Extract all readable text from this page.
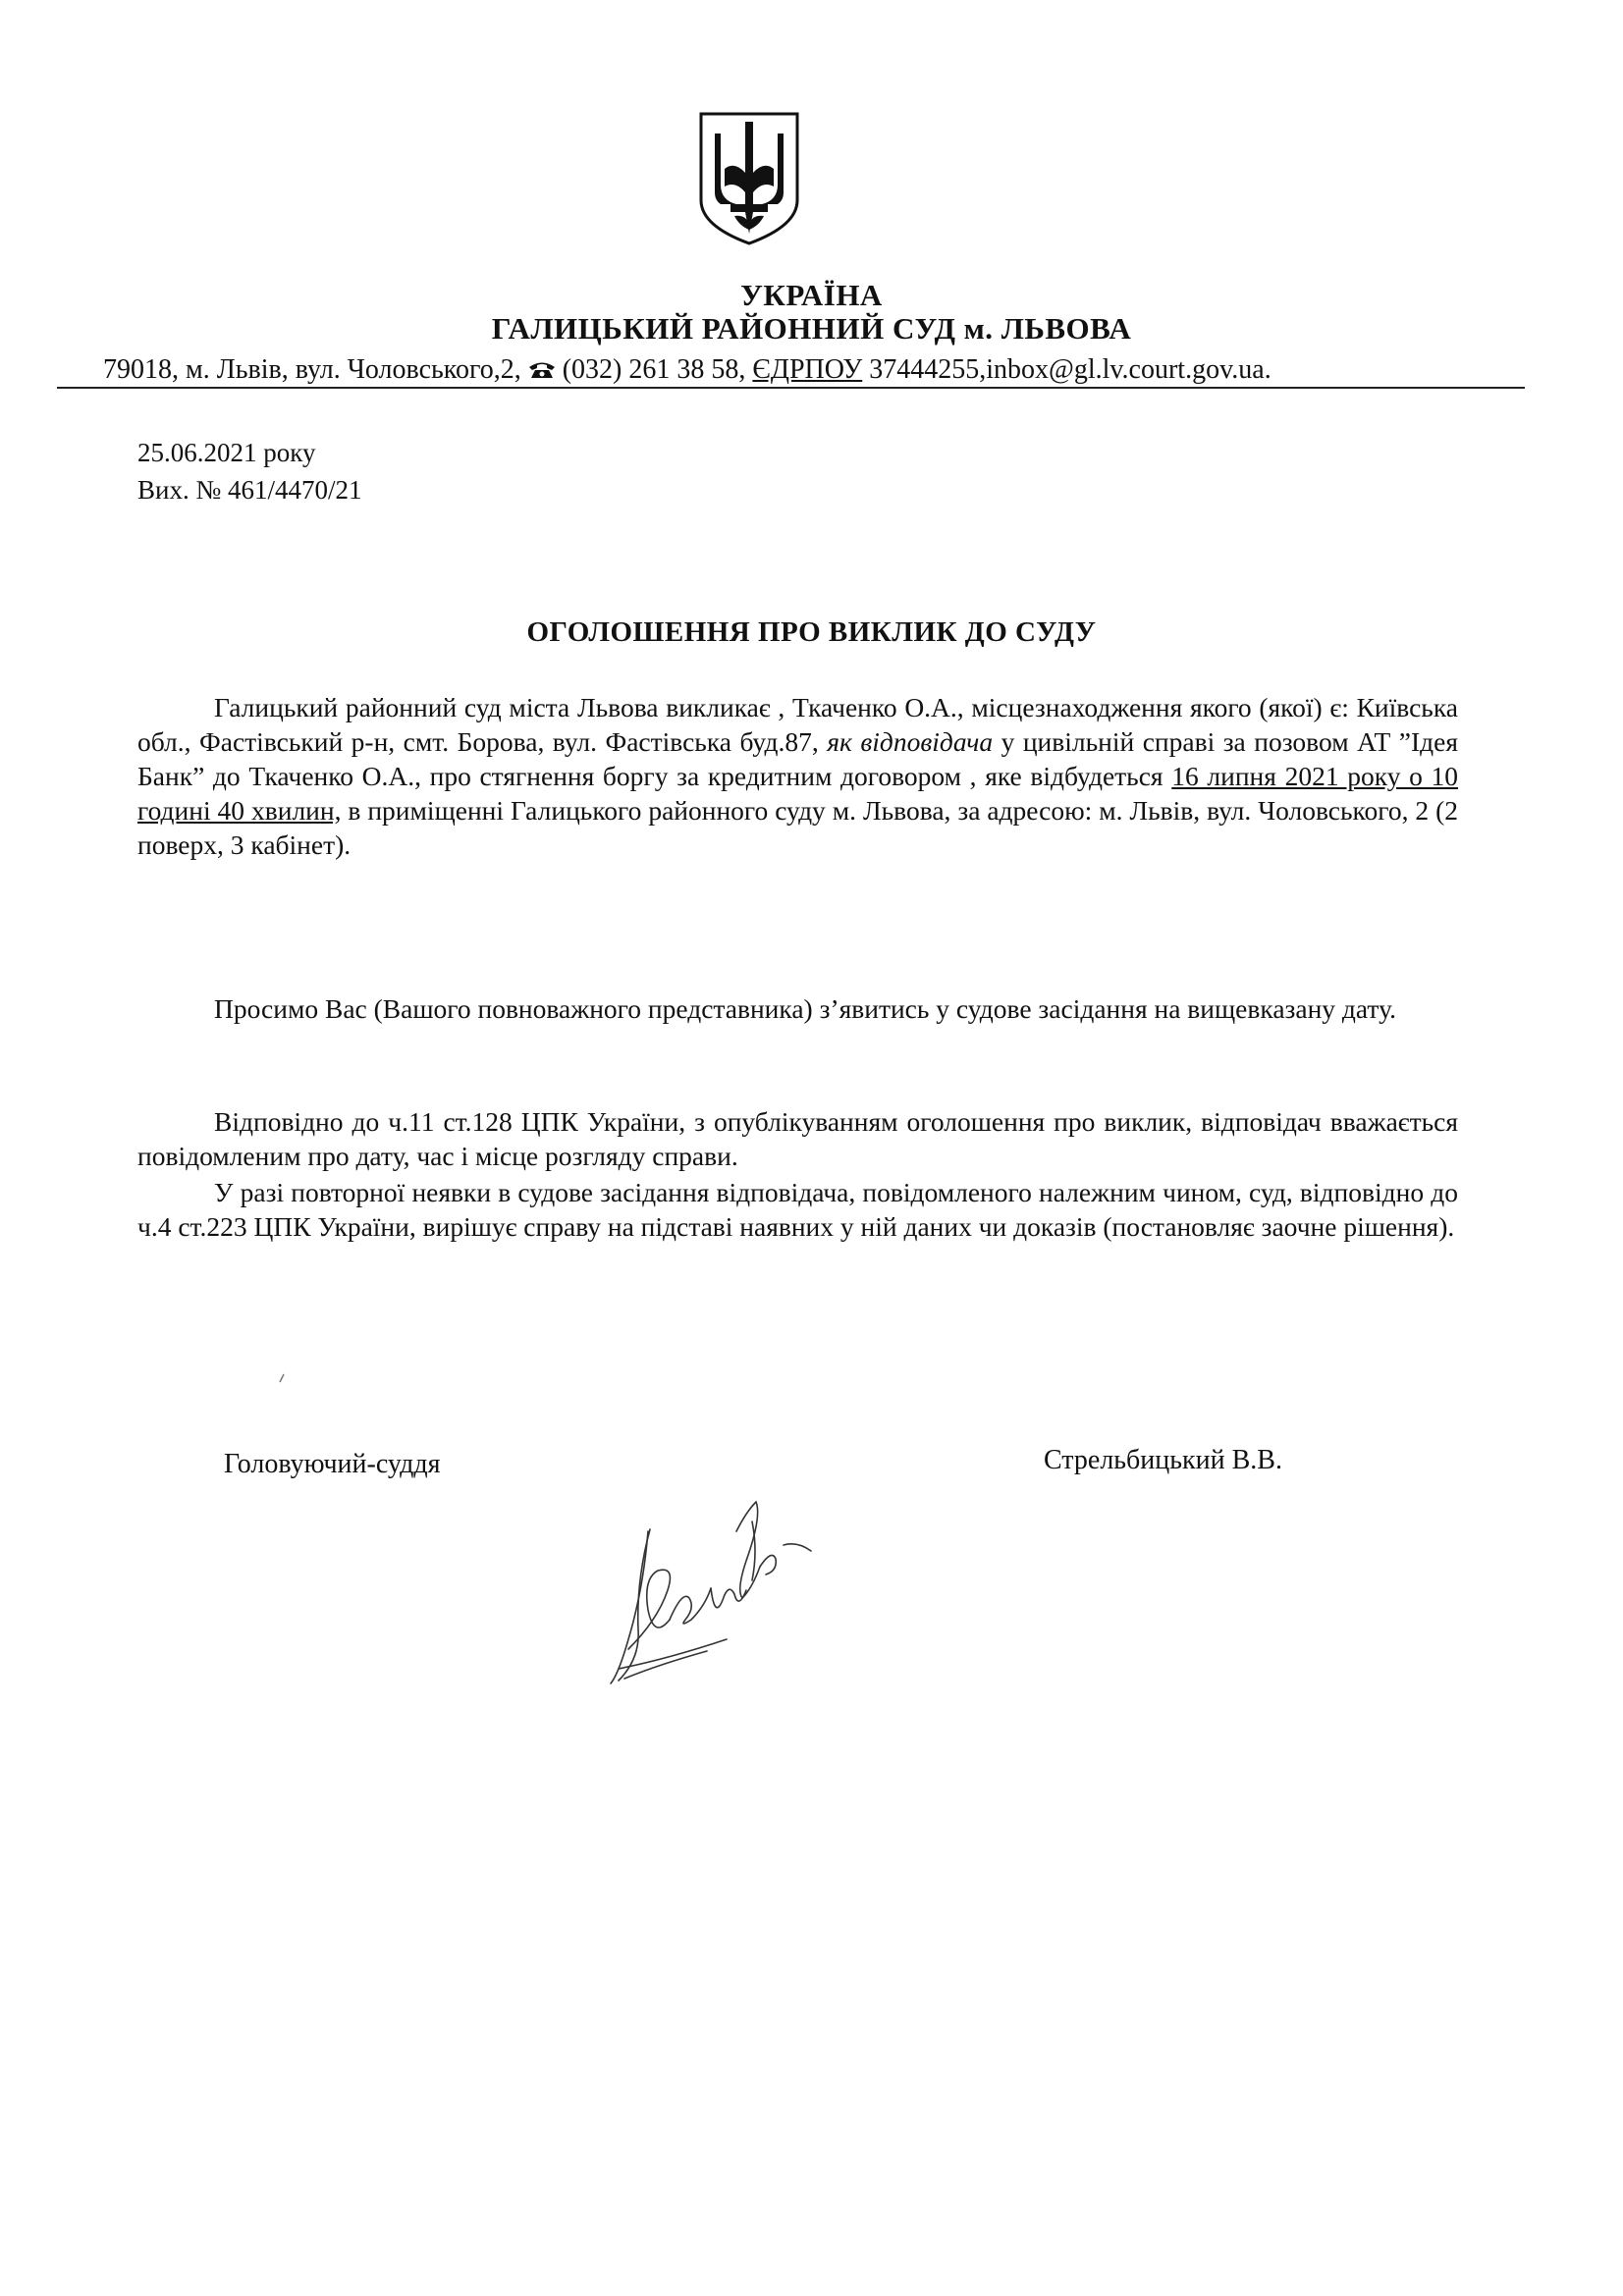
УКРАЇНА
ГАЛИЦЬКИЙ РАЙОННИЙ СУД м. ЛЬВОВА
79018, м. Львів, вул. Чоловського,2, (032) 261 38 58, ЄДРПОУ 37444255,inbox@gl.lv.court.gov.ua.
25.06.2021 року
Вих. № 461/4470/21
ОГОЛОШЕННЯ ПРО ВИКЛИК ДО СУДУ
Галицький районний суд міста Львова викликає , Ткаченко О.А., місцезнаходження якого (якої) є: Київська обл., Фастівський р-н, смт. Борова, вул. Фастівська буд.87, як відповідача у цивільній справі за позовом АТ ”Ідея Банк” до Ткаченко О.А., про стягнення боргу за кредитним договором , яке відбудеться 16 липня 2021 року о 10 годині 40 хвилин, в приміщенні Галицького районного суду м. Львова, за адресою: м. Львів, вул. Чоловського, 2 (2 поверх, 3 кабінет).
Просимо Вас (Вашого повноважного представника) з’явитись у судове засідання на вищевказану дату.
Відповідно до ч.11 ст.128 ЦПК України, з опублікуванням оголошення про виклик, відповідач вважається повідомленим про дату, час і місце розгляду справи.
У разі повторної неявки в судове засідання відповідача, повідомленого належним чином, суд, відповідно до ч.4 ст.223 ЦПК України, вирішує справу на підставі наявних у ній даних чи доказів (постановляє заочне рішення).
Головуючий-суддя	Стрельбицький В.В.
